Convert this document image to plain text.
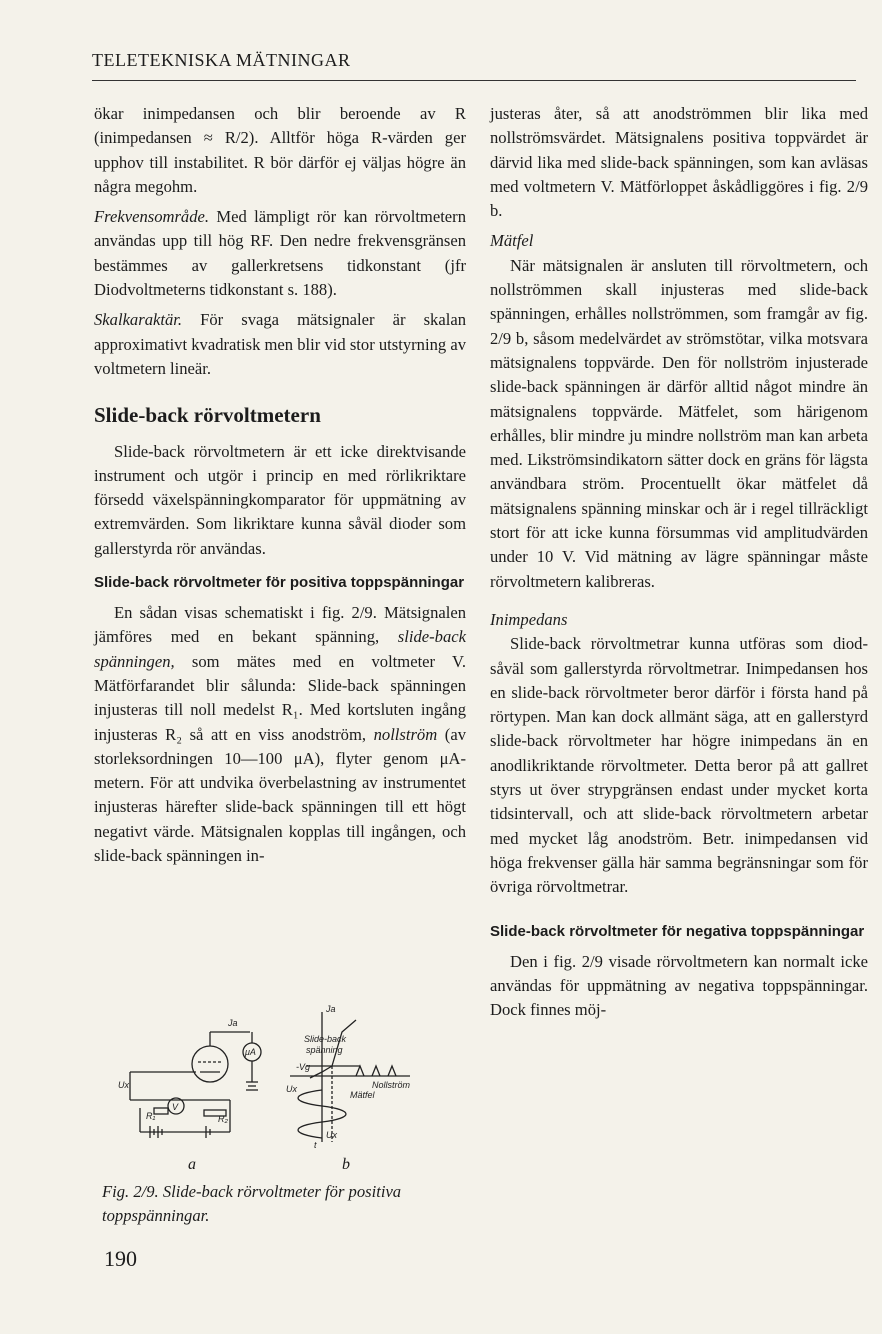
TELETEKNISKA MÄTNINGAR

ökar inimpedansen och blir beroende av R (inimpedansen ≈ R/2). Alltför höga R-värden ger upphov till instabilitet. R bör därför ej väljas högre än några megohm.

Frekvensområde. Med lämpligt rör kan rörvoltmetern användas upp till hög RF. Den nedre frekvensgränsen bestämmes av gallerkretsens tidkonstant (jfr Diodvoltmeterns tidkonstant s. 188).

Skalkaraktär. För svaga mätsignaler är skalan approximativt kvadratisk men blir vid stor utstyrning av voltmetern lineär.

Slide-back rörvoltmetern

Slide-back rörvoltmetern är ett icke direktvisande instrument och utgör i princip en med rörlikriktare försedd växelspänningkomparator för uppmätning av extremvärden. Som likriktare kunna såväl dioder som gallerstyrda rör användas.

Slide-back rörvoltmeter för positiva toppspänningar

En sådan visas schematiskt i fig. 2/9. Mätsignalen jämföres med en bekant spänning, slide-back spänningen, som mätes med en voltmeter V. Mätförfarandet blir sålunda: Slide-back spänningen injusteras till noll medelst R₁. Med kortsluten ingång injusteras R₂ så att en viss anodström, nollström (av storleksordningen 10—100 μA), flyter genom μA-metern. För att undvika överbelastning av instrumentet injusteras härefter slide-back spänningen till ett högt negativt värde. Mätsignalen kopplas till ingången, och slide-back spänningen in-

Ja
μA
Ux
V
R₁	R₂
Ja
Slide-back
spänning
-Vg
Nollström
Mätfel
Ux
Ux
t
a	b
Fig. 2/9. Slide-back rörvoltmeter för positiva toppspänningar.
190

justeras åter, så att anodströmmen blir lika med nollströmsvärdet. Mätsignalens positiva toppvärdet är därvid lika med slide-back spänningen, som kan avläsas med voltmetern V. Mätförloppet åskådliggöres i fig. 2/9 b.

Mätfel

När mätsignalen är ansluten till rörvoltmetern, och nollströmmen skall injusteras med slide-back spänningen, erhålles nollströmmen, som framgår av fig. 2/9 b, såsom medelvärdet av strömstötar, vilka motsvara mätsignalens toppvärde. Den för nollström injusterade slide-back spänningen är därför alltid något mindre än mätsignalens toppvärde. Mätfelet, som härigenom erhålles, blir mindre ju mindre nollström man kan arbeta med. Likströmsindikatorn sätter dock en gräns för lägsta användbara ström. Procentuellt ökar mätfelet då mätsignalens spänning minskar och är i regel tillräckligt stort för att icke kunna försummas vid amplitudvärden under 10 V. Vid mätning av lägre spänningar måste rörvoltmetern kalibreras.

Inimpedans

Slide-back rörvoltmetrar kunna utföras som diod- såväl som gallerstyrda rörvoltmetrar. Inimpedansen hos en slide-back rörvoltmeter beror därför i första hand på rörtypen. Man kan dock allmänt säga, att en gallerstyrd slide-back rörvoltmeter har högre inimpedans än en anodlikriktande rörvoltmeter. Detta beror på att gallret styrs ut över strypgränsen endast under mycket korta tidsintervall, och att slide-back rörvoltmetern arbetar med mycket låg anodström. Betr. inimpedansen vid höga frekvenser gälla här samma begränsningar som för övriga rörvoltmetrar.

Slide-back rörvoltmeter för negativa toppspänningar

Den i fig. 2/9 visade rörvoltmetern kan normalt icke användas för uppmätning av negativa toppspänningar. Dock finnes möj-
